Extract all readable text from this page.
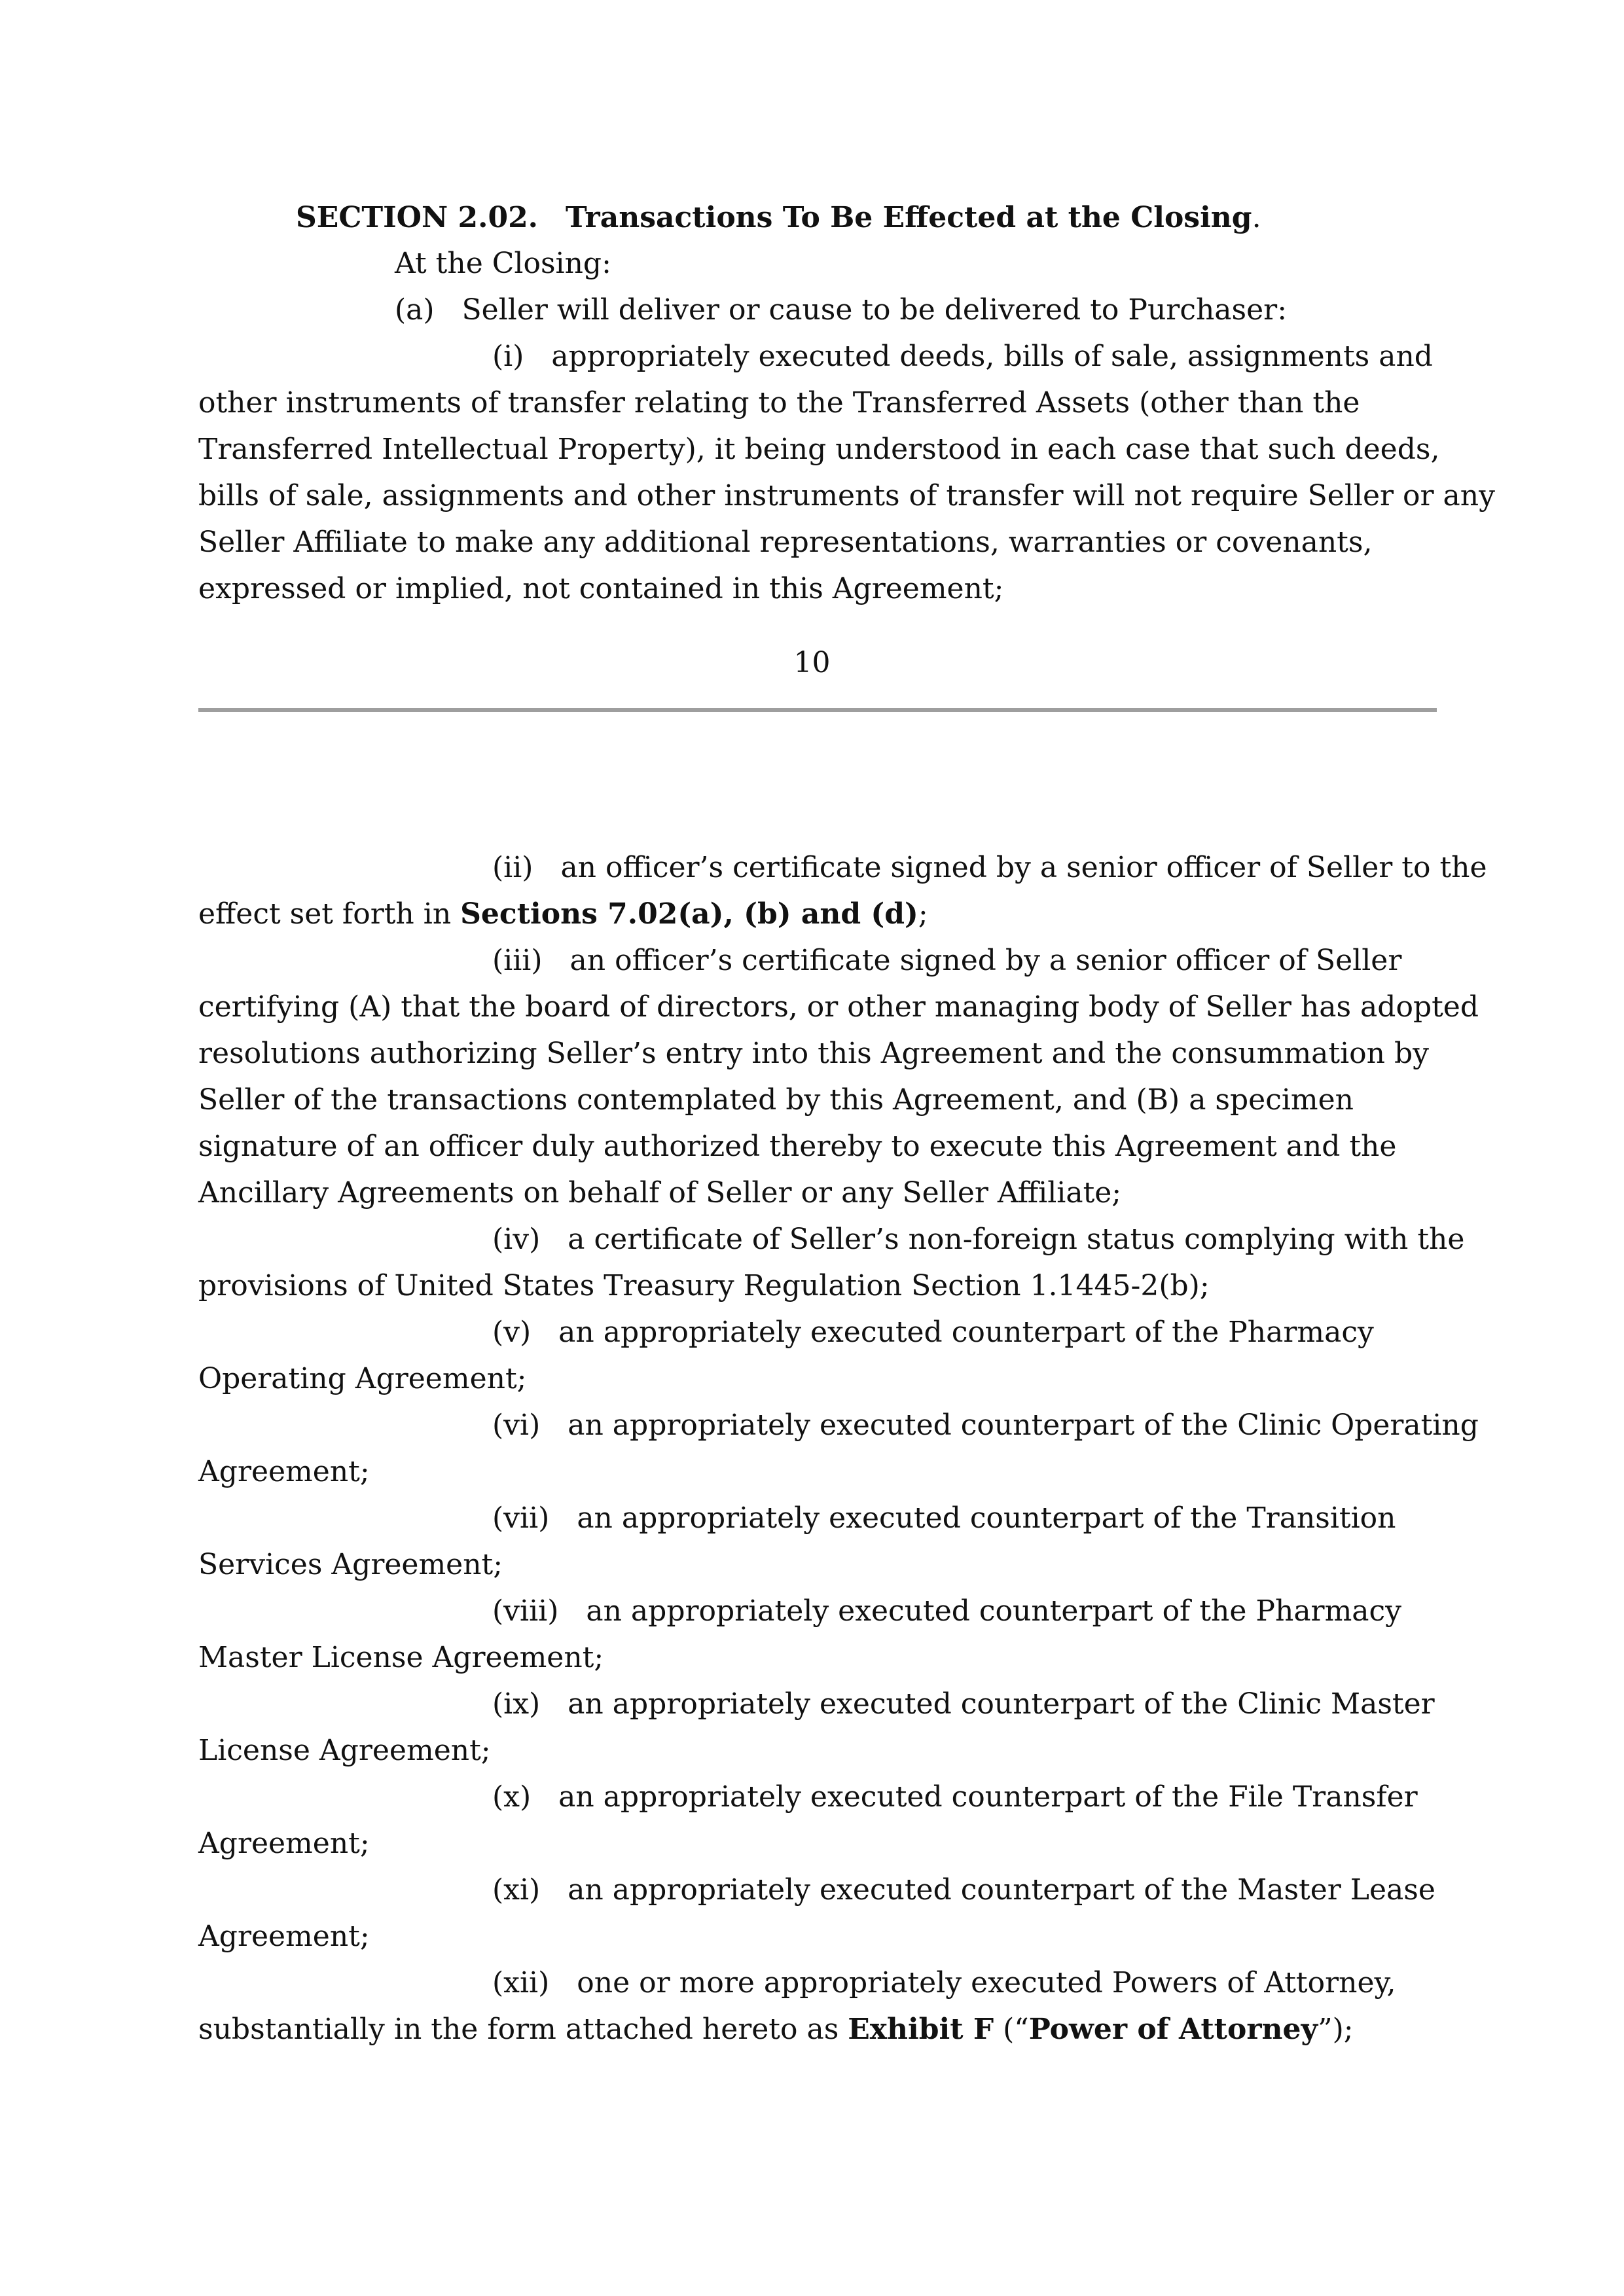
SECTION 2.02. Transactions To Be Effected at the Closing.
At the Closing:
(a)   Seller will deliver or cause to be delivered to Purchaser:
(i) appropriately executed deeds, bills of sale, assignments and
other instruments of transfer relating to the Transferred Assets (other than the
Transferred Intellectual Property), it being understood in each case that such deeds,
bills of sale, assignments and other instruments of transfer will not require Seller or any
Seller Affiliate to make any additional representations, warranties or covenants,
expressed or implied, not contained in this Agreement;
10
(ii) an officer’s certificate signed by a senior officer of Seller to the
effect set forth in Sections 7.02(a), (b) and (d);
(iii) an officer’s certificate signed by a senior officer of Seller
certifying (A) that the board of directors, or other managing body of Seller has adopted
resolutions authorizing Seller’s entry into this Agreement and the consummation by
Seller of the transactions contemplated by this Agreement, and (B) a specimen
signature of an officer duly authorized thereby to execute this Agreement and the
Ancillary Agreements on behalf of Seller or any Seller Affiliate;
(iv) a certificate of Seller’s non-foreign status complying with the
provisions of United States Treasury Regulation Section 1.1445-2(b);
(v) an appropriately executed counterpart of the Pharmacy
Operating Agreement;
(vi) an appropriately executed counterpart of the Clinic Operating
Agreement;
(vii) an appropriately executed counterpart of the Transition
Services Agreement;
(viii) an appropriately executed counterpart of the Pharmacy
Master License Agreement;
(ix) an appropriately executed counterpart of the Clinic Master
License Agreement;
(x) an appropriately executed counterpart of the File Transfer
Agreement;
(xi) an appropriately executed counterpart of the Master Lease
Agreement;
(xii) one or more appropriately executed Powers of Attorney,
substantially in the form attached hereto as Exhibit F (“Power of Attorney”);
